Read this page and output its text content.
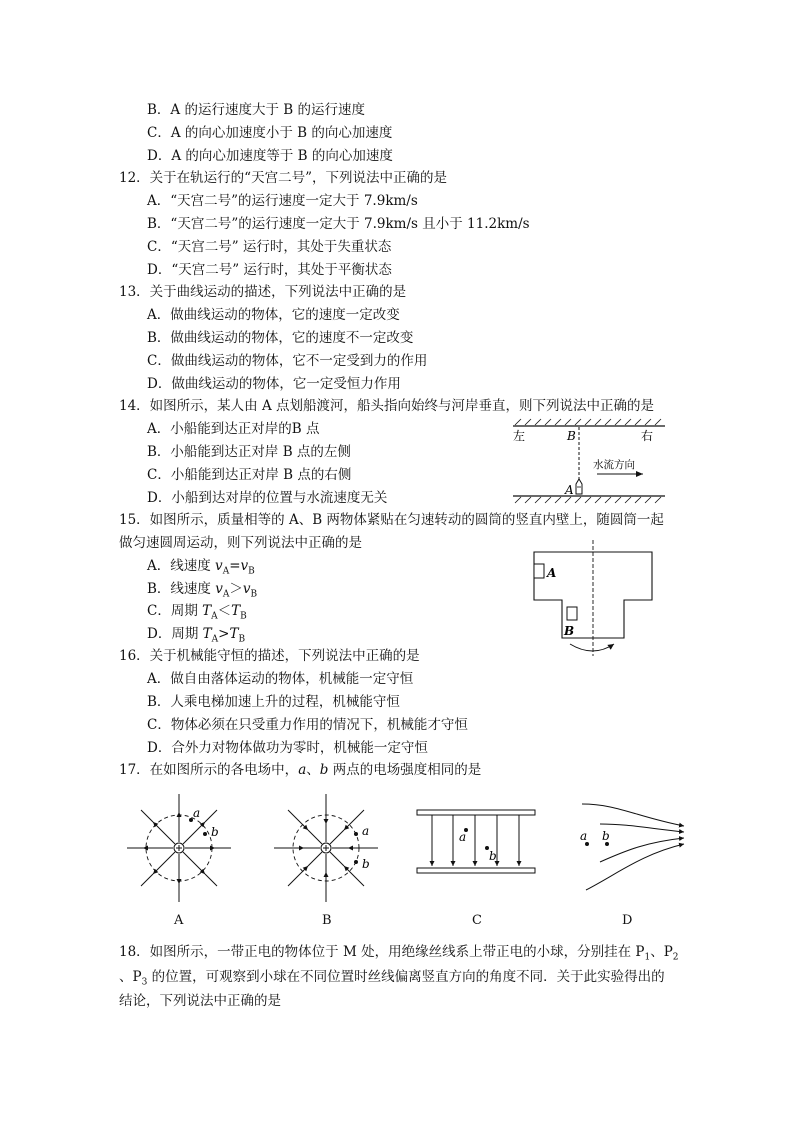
B．A 的运行速度大于 B 的运行速度
C．A 的向心加速度小于 B 的向心加速度
D．A 的向心加速度等于 B 的向心加速度
12．关于在轨运行的“天宫二号”，下列说法中正确的是
A．“天宫二号”的运行速度一定大于 7.9km/s
B．“天宫二号”的运行速度一定大于 7.9km/s 且小于 11.2km/s
C．“天宫二号” 运行时，其处于失重状态
D．“天宫二号” 运行时，其处于平衡状态
13．关于曲线运动的描述，下列说法中正确的是
A．做曲线运动的物体，它的速度一定改变
B．做曲线运动的物体，它的速度不一定改变
C．做曲线运动的物体，它不一定受到力的作用
D．做曲线运动的物体，它一定受恒力作用
14．如图所示，某人由 A 点划船渡河，船头指向始终与河岸垂直，则下列说法中正确的是
A．小船能到达正对岸的B 点
B．小船能到达正对岸 B 点的左侧
C．小船能到达正对岸 B 点的右侧
D．小船到达对岸的位置与水流速度无关
左	右
B
A
水流方向
15．如图所示，质量相等的 A、B 两物体紧贴在匀速转动的圆筒的竖直内壁上，随圆筒一起
做匀速圆周运动，则下列说法中正确的是
A．线速度 $v_A=v_B$
B．线速度 $v_A>v_B$
C．周期 $T_A<T_B$
D．周期 $T_A>T_B$
A
B
16．关于机械能守恒的描述，下列说法中正确的是
A．做自由落体运动的物体，机械能一定守恒
B．人乘电梯加速上升的过程，机械能守恒
C．物体必须在只受重力作用的情况下，机械能才守恒
D．合外力对物体做功为零时，机械能一定守恒
17．在如图所示的各电场中，a、b 两点的电场强度相同的是
a
b
A
a
b
B
a
b
C
a b
D
18．如图所示，一带正电的物体位于 M 处，用绝缘丝线系上带正电的小球，分别挂在 $P_1$、$P_2$
、$P_3$ 的位置，可观察到小球在不同位置时丝线偏离竖直方向的角度不同．关于此实验得出的
结论，下列说法中正确的是
